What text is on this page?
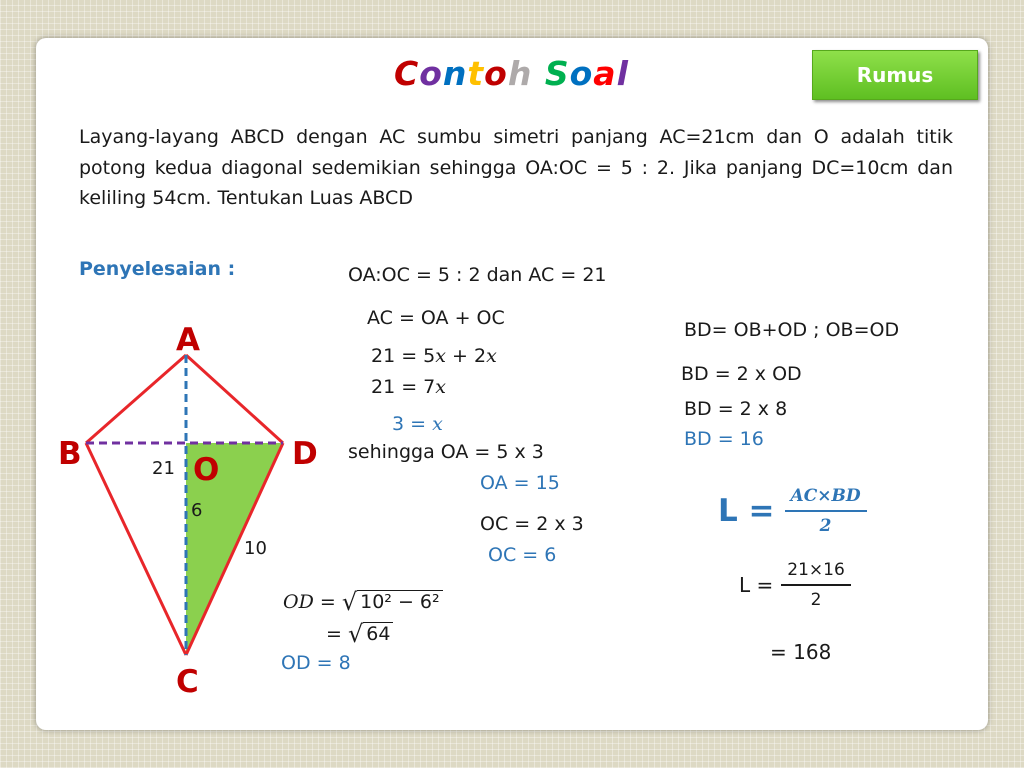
Contoh Soal	Rumus
Layang-layang ABCD dengan AC sumbu simetri panjang AC=21cm dan O adalah titik potong kedua diagonal sedemikian sehingga OA:OC = 5 : 2. Jika panjang DC=10cm dan keliling 54cm. Tentukan Luas ABCD
Penyelesaian :
A
B	D
O
C
21
6
10
OA:OC = 5 : 2 dan AC = 21
AC = OA + OC
21 = 5x + 2x
21 = 7x
3 = x
sehingga OA = 5 x 3
OA = 15
OC = 2 x 3
OC = 6
OD = √ 10² − 6²
= √ 64
OD = 8
BD= OB+OD ; OB=OD
BD = 2 x OD
BD = 2 x 8
BD = 16
$L = \frac{AC\times BD}{2}$
$L = \frac{21\times 16}{2}$
= 168
